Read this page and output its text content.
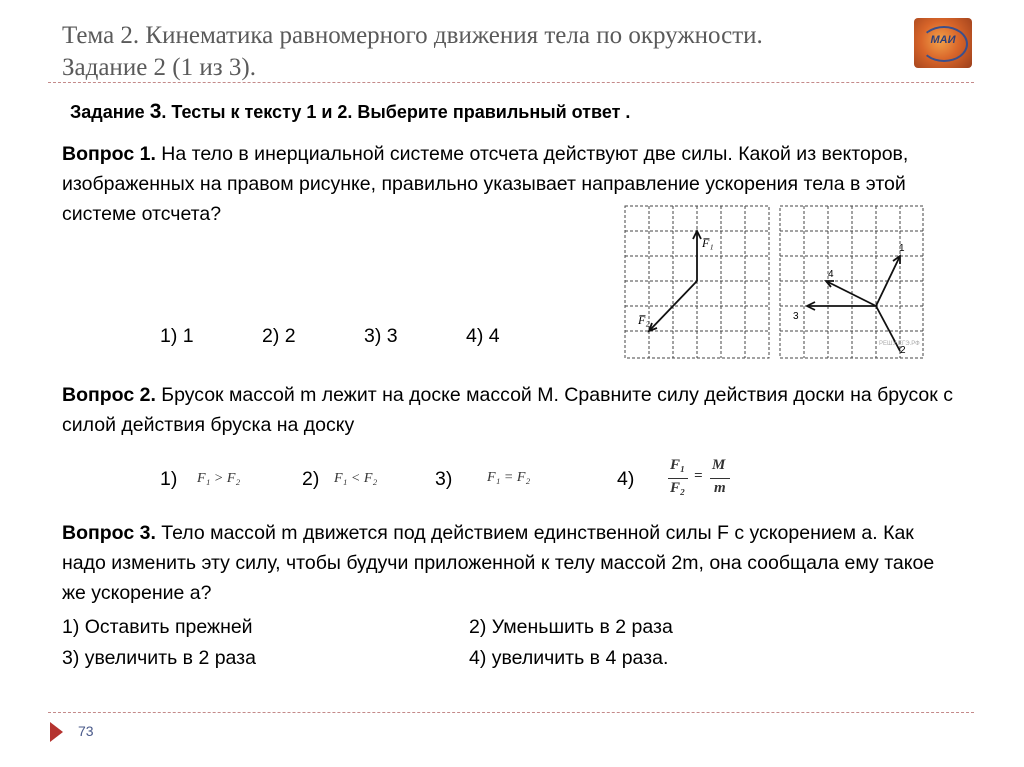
Тема 2. Кинематика равномерного движения тела по окружности.
Задание 2 (1 из 3).
МАИ
Задание 3. Тесты к тексту 1 и 2. Выберите правильный ответ .
Вопрос 1. На тело в инерциальной системе отсчета действуют две силы. Какой из векторов, изображенных на правом рисунке, правильно указывает направление ускорения тела в этой системе отсчета?
1) 1	2) 2	3) 3	4) 4
F̅₁
F̅₂
1
2
3
4
РЕШУ ЕГЭ.РФ
Вопрос 2. Брусок массой m лежит на доске массой М. Сравните силу действия доски на брусок с силой действия бруска на доску
1) F₁ > F₂	2) F₁ < F₂	3) F₁ = F₂	4)
F₁
F₂
=
M
m
Вопрос 3. Тело массой m движется под действием единственной силы F с ускорением а. Как надо изменить эту силу, чтобы будучи приложенной к телу массой 2m, она сообщала ему такое же ускорение а?
1) Оставить прежней	2) Уменьшить в 2 раза
3) увеличить в 2 раза	4) увеличить в 4 раза.
73
